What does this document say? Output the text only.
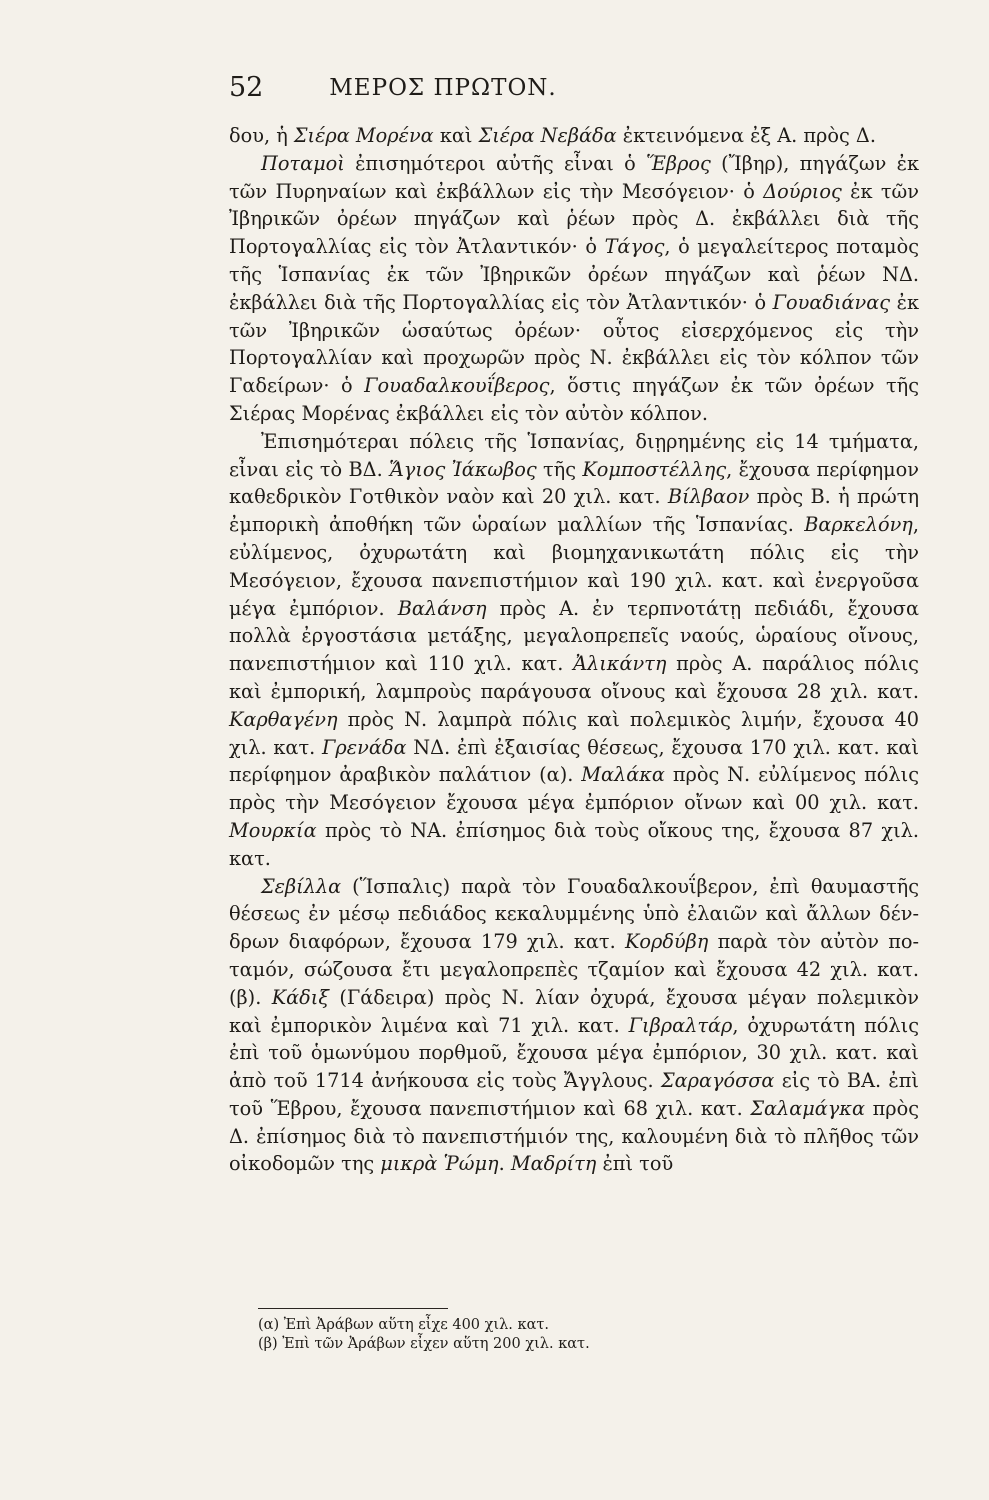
52	ΜΕΡΟΣ ΠΡΩΤΟΝ.

δου, ἡ Σιέρα Μορένα καὶ Σιέρα Νεβάδα ἐκτεινόμενα ἐξ Α. πρὸς Δ.

Ποταμοὶ ἐπισημότεροι αὐτῆς εἶναι ὁ Ἕβρος (Ἴβηρ), πηγάζων ἐκ τῶν Πυρηναίων καὶ ἐκβάλλων εἰς τὴν Μεσόγειον· ὁ Δούριος ἐκ τῶν Ἰβηρικῶν ὀρέων πηγάζων καὶ ῥέων πρὸς Δ. ἐκβάλλει διὰ τῆς Πορτογαλλίας εἰς τὸν Ἀτλαντικόν· ὁ Τάγος, ὁ μεγαλείτερος ποταμὸς τῆς Ἱσπανίας ἐκ τῶν Ἰβηρικῶν ὀρέων πηγάζων καὶ ῥέων ΝΔ. ἐκβάλλει διὰ τῆς Πορτογαλλίας εἰς τὸν Ἀτλαντικόν· ὁ Γουαδιάνας ἐκ τῶν Ἰβηρικῶν ὡσαύτως ὀρέων· οὗτος εἰσερχόμενος εἰς τὴν Πορτογαλλίαν καὶ προχωρῶν πρὸς Ν. ἐκβάλλει εἰς τὸν κόλπον τῶν Γαδείρων· ὁ Γουαδαλκουΐβερος, ὅστις πηγάζων ἐκ τῶν ὀρέων τῆς Σιέρας Μορένας ἐκβάλλει εἰς τὸν αὐτὸν κόλπον.

Ἐπισημότεραι πόλεις τῆς Ἱσπανίας, διῃρημένης εἰς 14 τμήματα, εἶναι εἰς τὸ ΒΔ. Ἅγιος Ἰάκωβος τῆς Κομποστέλλης, ἔχουσα περίφημον καθεδρικὸν Γοτθικὸν ναὸν καὶ 20 χιλ. κατ. Βίλβαον πρὸς Β. ἡ πρώτη ἐμπορικὴ ἀποθήκη τῶν ὡραίων μαλλίων τῆς Ἱσπανίας. Βαρκελόνη, εὐλίμενος, ὀχυρωτάτη καὶ βιομηχανικωτάτη πόλις εἰς τὴν Μεσόγειον, ἔχουσα πανεπιστήμιον καὶ 190 χιλ. κατ. καὶ ἐνεργοῦσα μέγα ἐμπόριον. Βαλάνση πρὸς Α. ἐν τερπνοτάτῃ πεδιάδι, ἔχουσα πολλὰ ἐργοστάσια μετάξης, μεγαλοπρεπεῖς ναούς, ὡραίους οἴνους, πανεπιστήμιον καὶ 110 χιλ. κατ. Ἀλικάντη πρὸς Α. παράλιος πόλις καὶ ἐμπορική, λαμπροὺς παράγουσα οἴνους καὶ ἔχουσα 28 χιλ. κατ. Καρθαγένη πρὸς Ν. λαμπρὰ πόλις καὶ πολεμικὸς λιμήν, ἔχουσα 40 χιλ. κατ. Γρενάδα ΝΔ. ἐπὶ ἐξαισίας θέσεως, ἔχουσα 170 χιλ. κατ. καὶ περίφημον ἀραβικὸν παλάτιον (α). Μαλάκα πρὸς Ν. εὐλίμενος πόλις πρὸς τὴν Μεσόγειον ἔχουσα μέγα ἐμπόριον οἴνων καὶ 00 χιλ. κατ. Μουρκία πρὸς τὸ ΝΑ. ἐπίσημος διὰ τοὺς οἴκους της, ἔχουσα 87 χιλ. κατ.

Σεβίλλα (Ἵσπαλις) παρὰ τὸν Γουαδαλκουΐβερον, ἐπὶ θαυμαστῆς θέσεως ἐν μέσῳ πεδιάδος κεκαλυμμένης ὑπὸ ἐλαιῶν καὶ ἄλλων δένδρων διαφόρων, ἔχουσα 179 χιλ. κατ. Κορδύβη παρὰ τὸν αὐτὸν ποταμόν, σώζουσα ἔτι μεγαλοπρεπὲς τζαμίον καὶ ἔχουσα 42 χιλ. κατ. (β). Κάδιξ (Γάδειρα) πρὸς Ν. λίαν ὀχυρά, ἔχουσα μέγαν πολεμικὸν καὶ ἐμπορικὸν λιμένα καὶ 71 χιλ. κατ. Γιβραλτάρ, ὀχυρωτάτη πόλις ἐπὶ τοῦ ὁμωνύμου πορθμοῦ, ἔχουσα μέγα ἐμπόριον, 30 χιλ. κατ. καὶ ἀπὸ τοῦ 1714 ἀνήκουσα εἰς τοὺς Ἄγγλους. Σαραγόσσα εἰς τὸ ΒΑ. ἐπὶ τοῦ Ἕβρου, ἔχουσα πανεπιστήμιον καὶ 68 χιλ. κατ. Σαλαμάγκα πρὸς Δ. ἐπίσημος διὰ τὸ πανεπιστήμιόν της, καλουμένη διὰ τὸ πλῆθος τῶν οἰκοδομῶν της μικρὰ Ῥώμη. Μαδρίτη ἐπὶ τοῦ

(α) Ἐπὶ Ἀράβων αὕτη εἶχε 400 χιλ. κατ.
(β) Ἐπὶ τῶν Ἀράβων εἶχεν αὕτη 200 χιλ. κατ.
